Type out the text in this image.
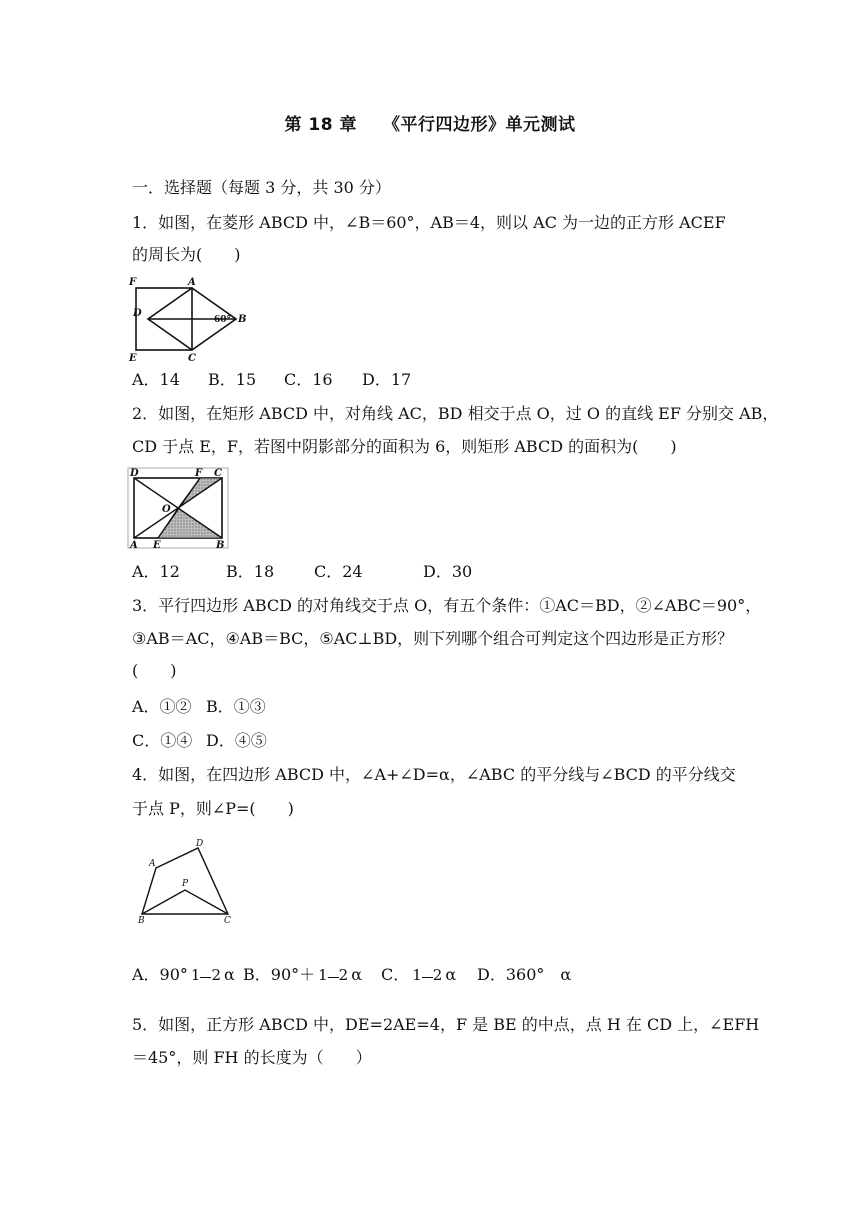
第 18 章 《平行四边形》单元测试
一．选择题（每题 3 分，共 30 分）
1．如图，在菱形 ABCD 中，∠B＝60°，AB＝4，则以 AC 为一边的正方形 ACEF
的周长为(　　)
F	A
D
B
E	C
60°
A．14 B．15 C．16 D．17
2．如图，在矩形 ABCD 中，对角线 AC，BD 相交于点 O，过 O 的直线 EF 分别交 AB，
CD 于点 E，F，若图中阴影部分的面积为 6，则矩形 ABCD 的面积为(　　)
D	F C
O
A E	B
A．12	B．18 C．24	D．30
3．平行四边形 ABCD 的对角线交于点 O，有五个条件：①AC＝BD，②∠ABC＝90°，
③AB＝AC，④AB＝BC，⑤AC⊥BD，则下列哪个组合可判定这个四边形是正方形？
(　　)
A．①② B．①③
C．①④ D．④⑤
4．如图，在四边形 ABCD 中，∠A+∠D=α，∠ABC 的平分线与∠BCD 的平分线交
于点 P，则∠P=(　　)
A
D
P
B	C
A．90° 1 2 α B．90°＋ 1 2 α C． 1 2 α D．360°　α
5．如图，正方形 ABCD 中，DE=2AE=4，F 是 BE 的中点，点 H 在 CD 上，∠EFH
＝45°，则 FH 的长度为（　　）
